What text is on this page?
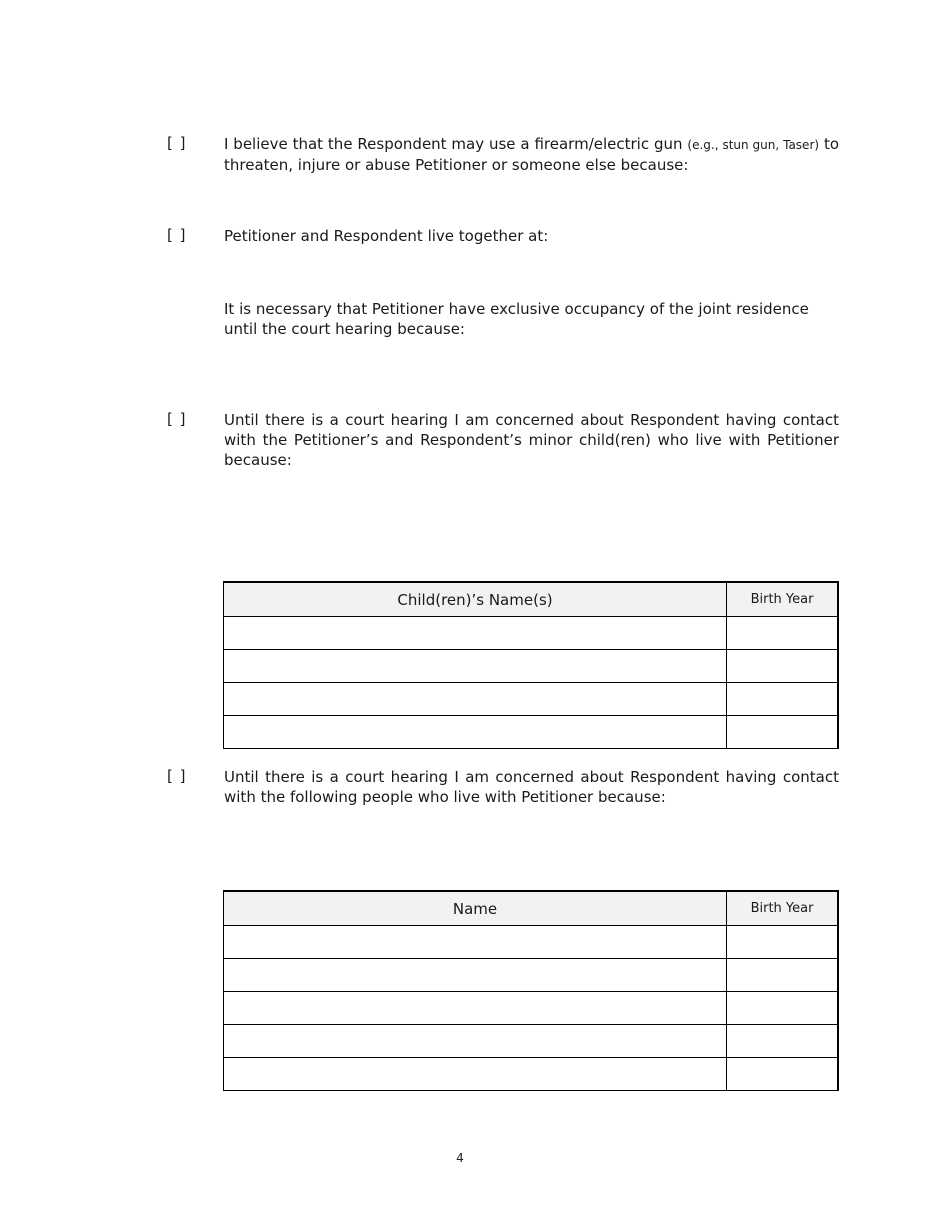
[ ]	I believe that the Respondent may use a firearm/electric gun (e.g., stun gun, Taser) to threaten, injure or abuse Petitioner or someone else because:
[ ]	Petitioner and Respondent live together at:
It is necessary that Petitioner have exclusive occupancy of the joint residence until the court hearing because:
[ ]	Until there is a court hearing I am concerned about Respondent having contact with the Petitioner’s and Respondent’s minor child(ren) who live with Petitioner because:
Child(ren)’s Name(s)	Birth Year

[ ]	Until there is a court hearing I am concerned about Respondent having contact with the following people who live with Petitioner because:
Name	Birth Year

4
